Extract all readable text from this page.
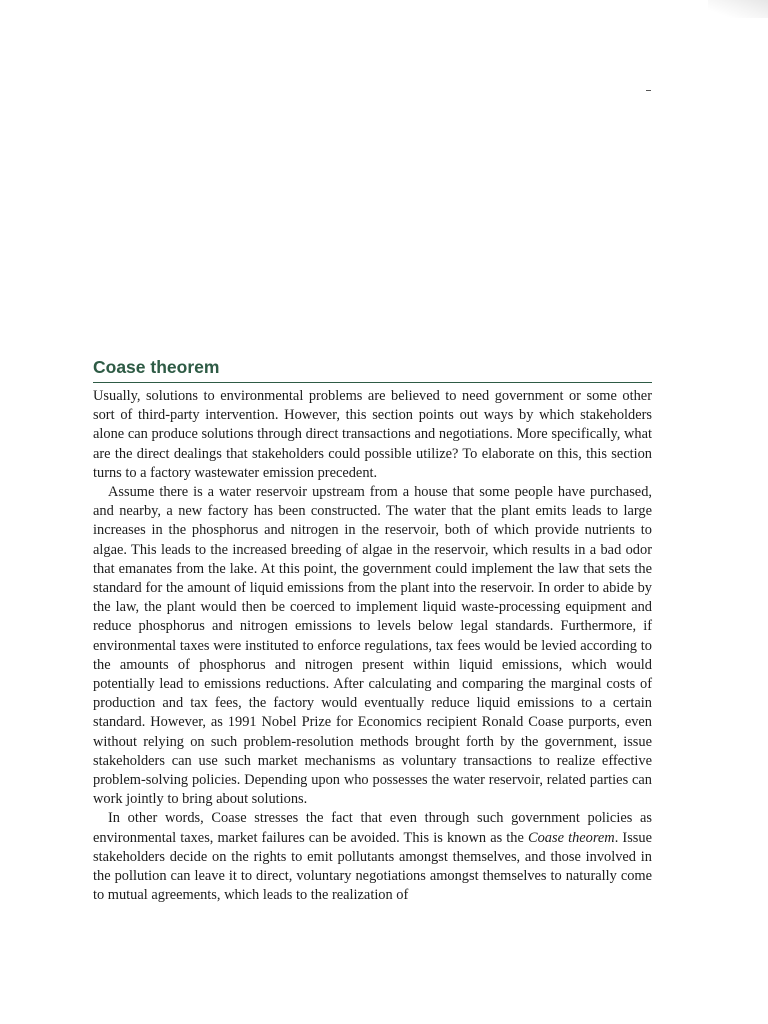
Coase theorem

Usually, solutions to environmental problems are believed to need government or some other sort of third-party intervention. However, this section points out ways by which stakeholders alone can produce solutions through direct transactions and negotiations. More specifically, what are the direct dealings that stakeholders could possible utilize? To elaborate on this, this section turns to a factory wastewater emission precedent.

Assume there is a water reservoir upstream from a house that some people have purchased, and nearby, a new factory has been constructed. The water that the plant emits leads to large increases in the phosphorus and nitrogen in the reservoir, both of which provide nutrients to algae. This leads to the increased breeding of algae in the reservoir, which results in a bad odor that emanates from the lake. At this point, the government could implement the law that sets the standard for the amount of liquid emissions from the plant into the reservoir. In order to abide by the law, the plant would then be coerced to implement liquid waste-processing equipment and reduce phosphorus and nitrogen emissions to levels below legal standards. Furthermore, if environmental taxes were instituted to enforce regulations, tax fees would be levied according to the amounts of phosphorus and nitrogen present within liquid emissions, which would potentially lead to emissions reductions. After calculating and comparing the marginal costs of production and tax fees, the factory would eventually reduce liquid emissions to a certain standard. However, as 1991 Nobel Prize for Economics recipient Ronald Coase purports, even without relying on such problem-resolution methods brought forth by the government, issue stakeholders can use such market mechanisms as voluntary transactions to realize effective problem-solving policies. Depending upon who possesses the water reservoir, related parties can work jointly to bring about solutions.

In other words, Coase stresses the fact that even through such government policies as environmental taxes, market failures can be avoided. This is known as the Coase theorem. Issue stakeholders decide on the rights to emit pollutants amongst themselves, and those involved in the pollution can leave it to direct, voluntary negotiations amongst themselves to naturally come to mutual agreements, which leads to the realization of
